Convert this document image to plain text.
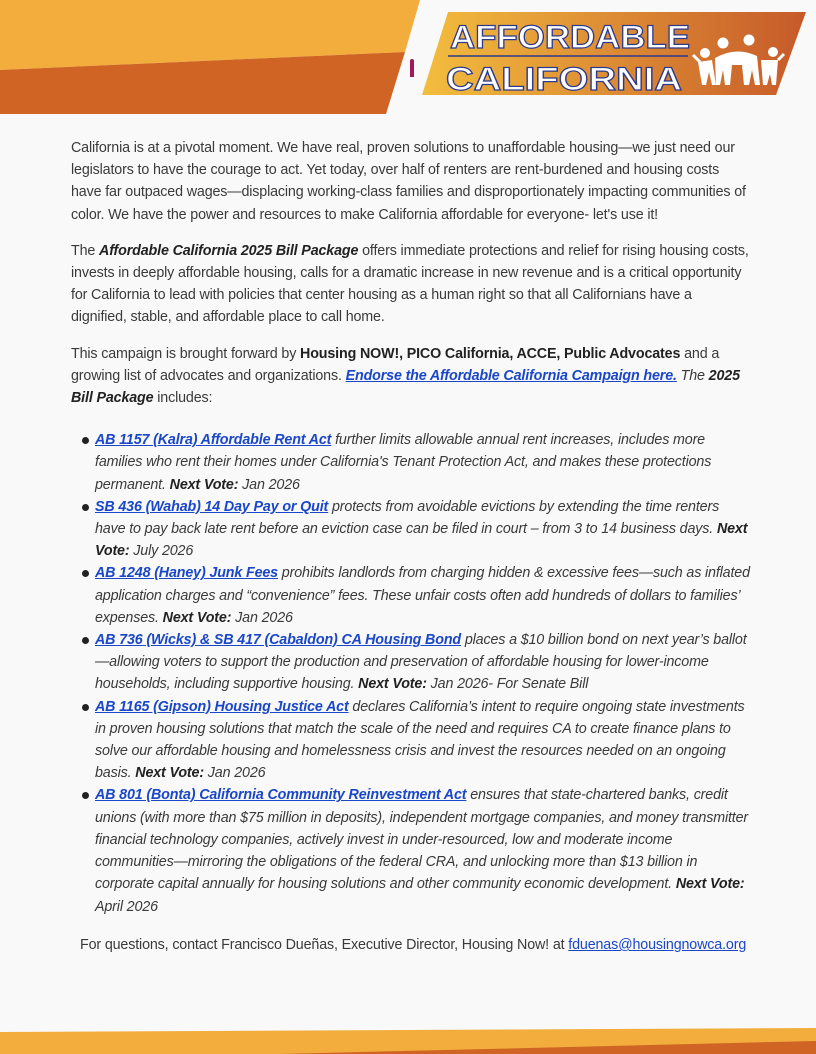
AFFORDABLE
CALIFORNIA

California is at a pivotal moment. We have real, proven solutions to unaffordable housing—we just need our legislators to have the courage to act. Yet today, over half of renters are rent-burdened and housing costs have far outpaced wages—displacing working-class families and disproportionately impacting communities of color. We have the power and resources to make California affordable for everyone- let's use it!

The Affordable California 2025 Bill Package offers immediate protections and relief for rising housing costs, invests in deeply affordable housing, calls for a dramatic increase in new revenue and is a critical opportunity for California to lead with policies that center housing as a human right so that all Californians have a dignified, stable, and affordable place to call home.

This campaign is brought forward by Housing NOW!, PICO California, ACCE, Public Advocates and a growing list of advocates and organizations. Endorse the Affordable California Campaign here. The 2025 Bill Package includes:

AB 1157 (Kalra) Affordable Rent Act further limits allowable annual rent increases, includes more families who rent their homes under California's Tenant Protection Act, and makes these protections permanent. Next Vote: Jan 2026
SB 436 (Wahab) 14 Day Pay or Quit protects from avoidable evictions by extending the time renters have to pay back late rent before an eviction case can be filed in court – from 3 to 14 business days. Next Vote: July 2026
AB 1248 (Haney) Junk Fees prohibits landlords from charging hidden & excessive fees—such as inflated application charges and “convenience” fees. These unfair costs often add hundreds of dollars to families’ expenses. Next Vote: Jan 2026
AB 736 (Wicks) & SB 417 (Cabaldon) CA Housing Bond places a $10 billion bond on next year’s ballot —allowing voters to support the production and preservation of affordable housing for lower-income households, including supportive housing. Next Vote: Jan 2026- For Senate Bill
AB 1165 (Gipson) Housing Justice Act declares California’s intent to require ongoing state investments in proven housing solutions that match the scale of the need and requires CA to create finance plans to solve our affordable housing and homelessness crisis and invest the resources needed on an ongoing basis. Next Vote: Jan 2026
AB 801 (Bonta) California Community Reinvestment Act ensures that state-chartered banks, credit unions (with more than $75 million in deposits), independent mortgage companies, and money transmitter financial technology companies, actively invest in under-resourced, low and moderate income communities—mirroring the obligations of the federal CRA, and unlocking more than $13 billion in corporate capital annually for housing solutions and other community economic development. Next Vote: April 2026
For questions, contact Francisco Dueñas, Executive Director, Housing Now! at fduenas@housingnowca.org
